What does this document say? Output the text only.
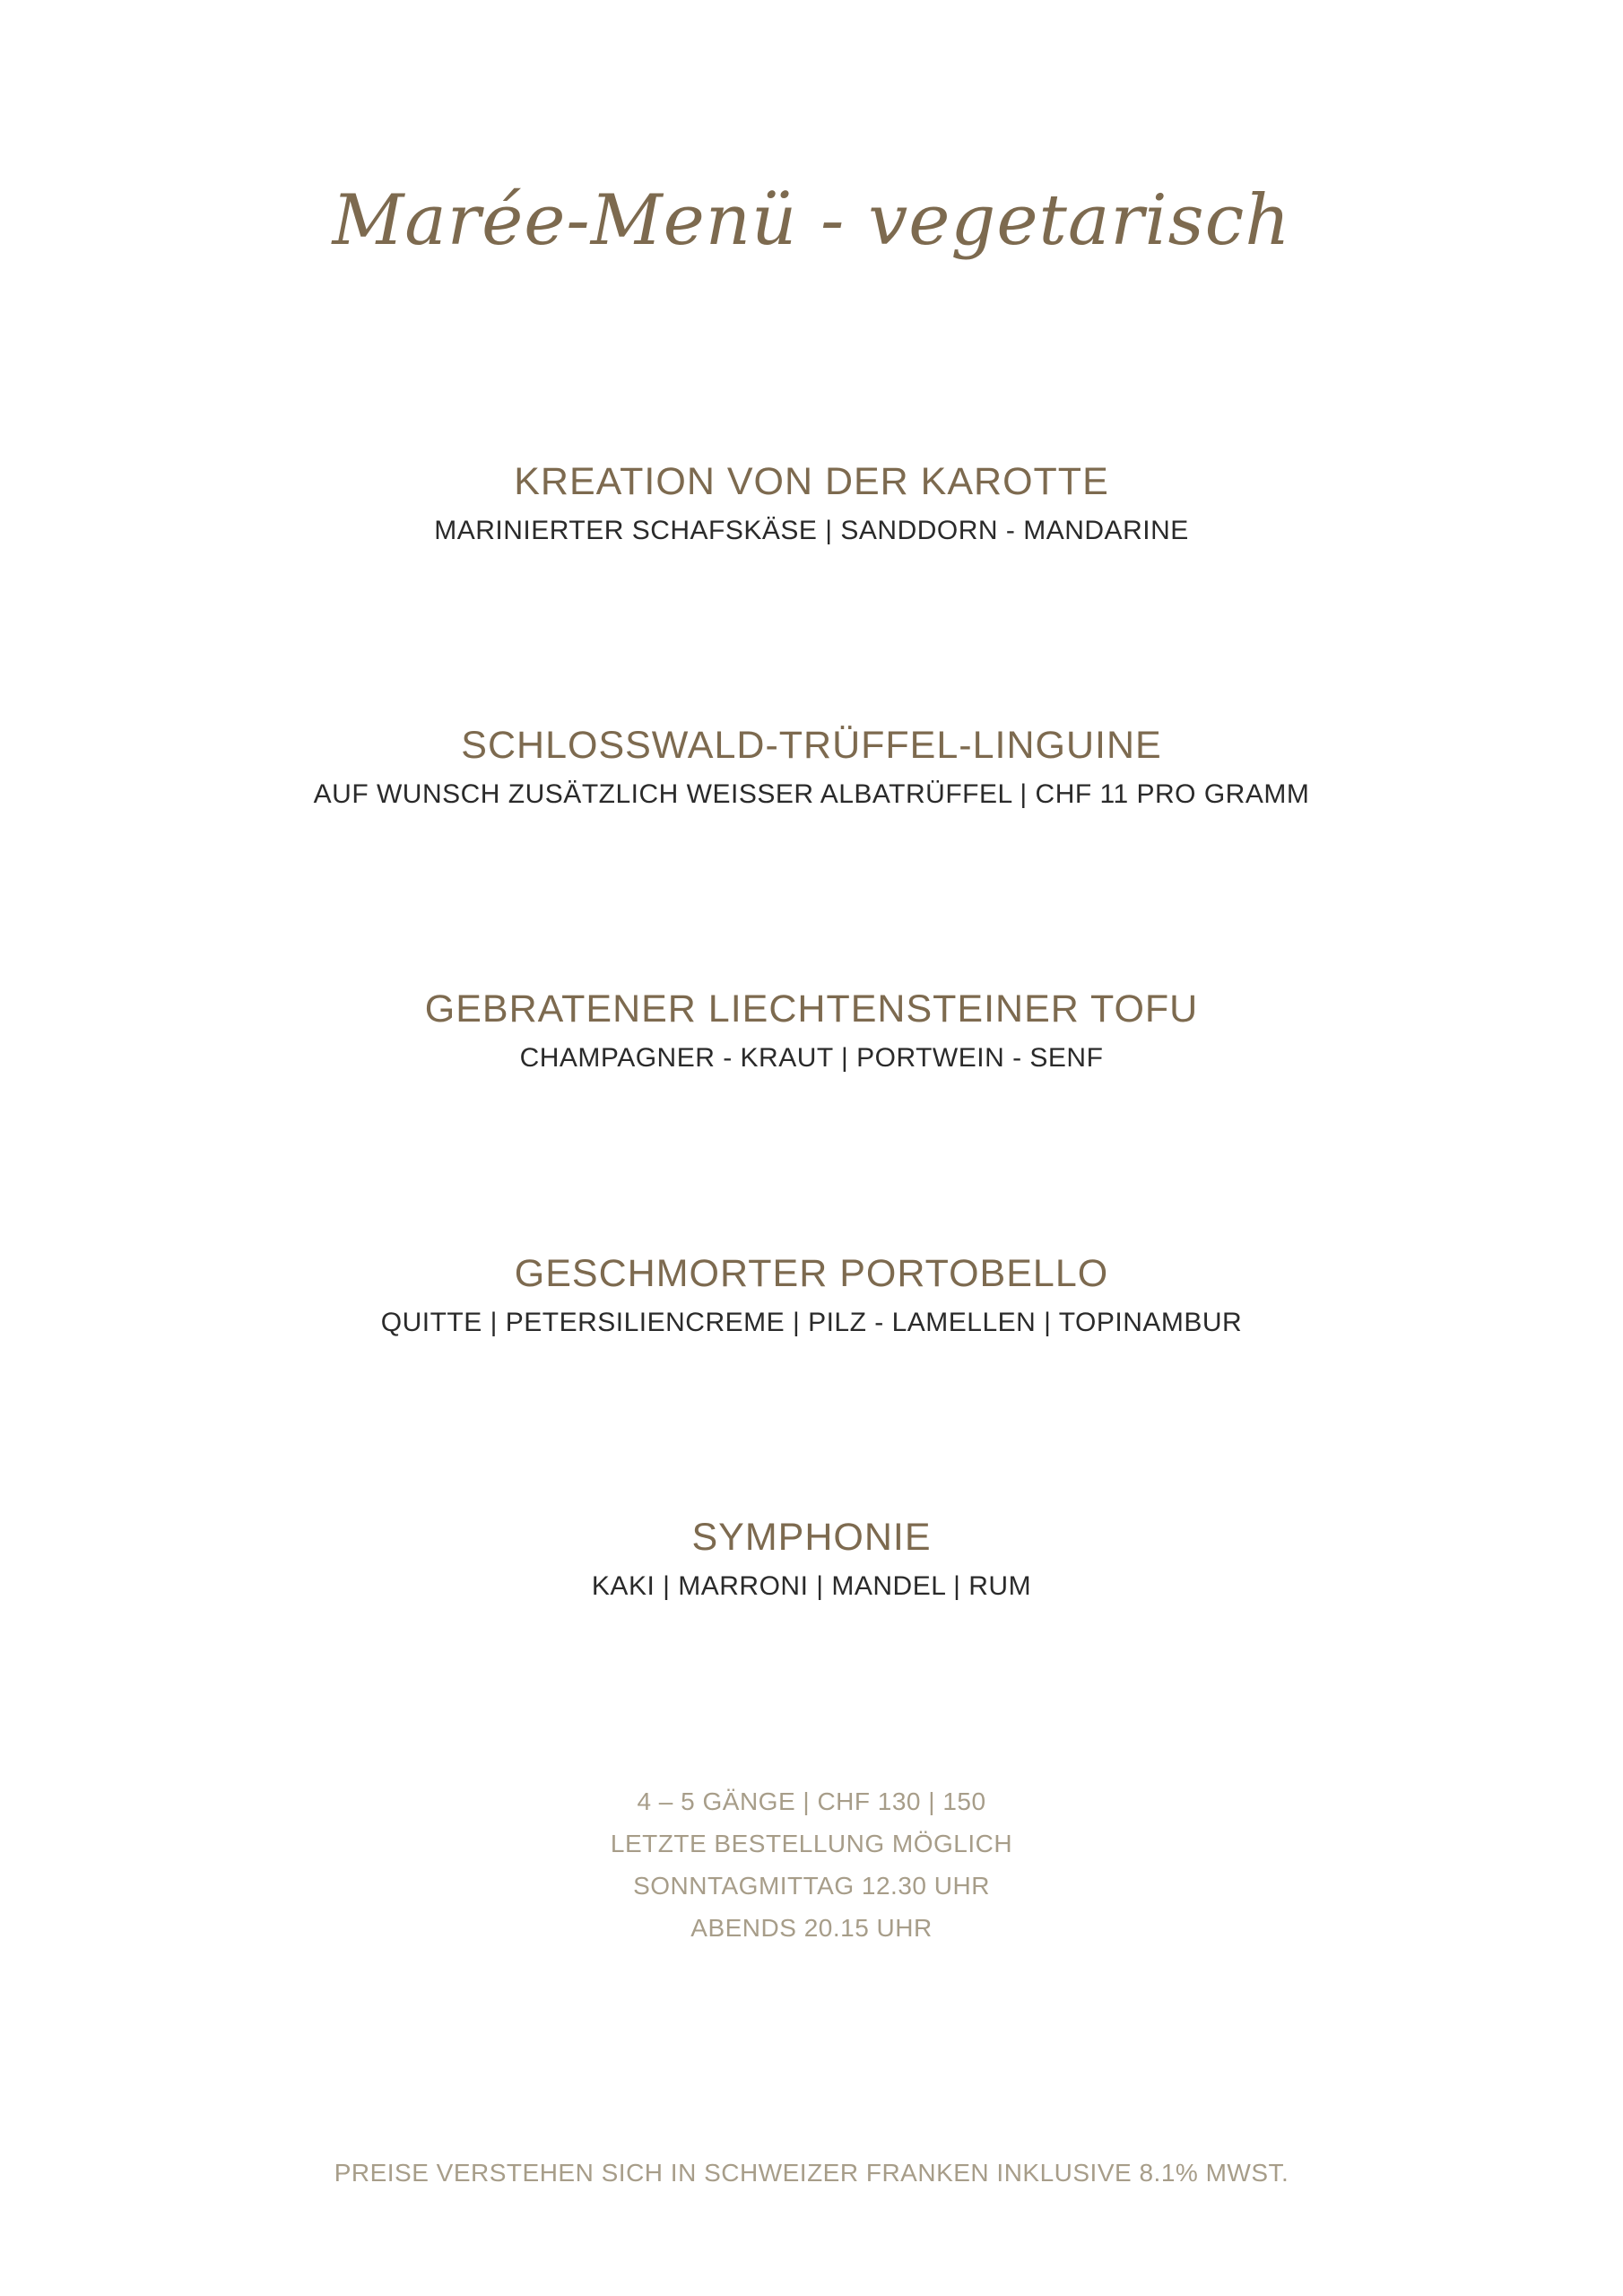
Marée-Menü - vegetarisch
KREATION VON DER KAROTTE
MARINIERTER SCHAFSKÄSE | SANDDORN - MANDARINE
SCHLOSSWALD-TRÜFFEL-LINGUINE
AUF WUNSCH ZUSÄTZLICH WEISSER ALBATRÜFFEL | CHF 11 PRO GRAMM
GEBRATENER LIECHTENSTEINER TOFU
CHAMPAGNER - KRAUT | PORTWEIN - SENF
GESCHMORTER PORTOBELLO
QUITTE | PETERSILIENCREME | PILZ - LAMELLEN | TOPINAMBUR
SYMPHONIE
KAKI | MARRONI | MANDEL | RUM
4 – 5 GÄNGE | CHF 130 | 150
LETZTE BESTELLUNG MÖGLICH
SONNTAGMITTAG 12.30 UHR
ABENDS 20.15 UHR
PREISE VERSTEHEN SICH IN SCHWEIZER FRANKEN INKLUSIVE 8.1% MWST.
